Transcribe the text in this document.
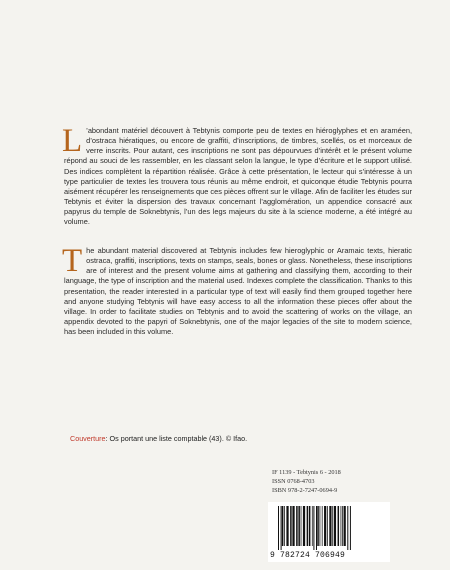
L ’abondant matériel découvert à Tebtynis comporte peu de textes en hiéroglyphes et en araméen, d’ostraca hiératiques, ou encore de graffiti, d’inscriptions, de timbres, scellés, os et morceaux de verre inscrits. Pour autant, ces inscriptions ne sont pas dépourvues d’intérêt et le présent volume répond au souci de les rassembler, en les classant selon la langue, le type d’écriture et le support utilisé. Des indices complètent la répartition réalisée. Grâce à cette présentation, le lecteur qui s’intéresse à un type particulier de textes les trouvera tous réunis au même endroit, et quiconque étudie Tebtynis pourra aisément récupérer les renseignements que ces pièces offrent sur le village. Afin de faciliter les études sur Tebtynis et éviter la dispersion des travaux concernant l’agglomération, un appendice consacré aux papyrus du temple de Soknebtynis, l’un des legs majeurs du site à la science moderne, a été intégré au volume.

The abundant material discovered at Tebtynis includes few hieroglyphic or Aramaic texts, hieratic ostraca, graffiti, inscriptions, texts on stamps, seals, bones or glass. Nonetheless, these inscriptions are of interest and the present volume aims at gathering and classifying them, according to their language, the type of inscription and the material used. Indexes complete the classification. Thanks to this presentation, the reader interested in a particular type of text will easily find them grouped together here and anyone studying Tebtynis will have easy access to all the information these pieces offer about the village. In order to facilitate studies on Tebtynis and to avoid the scattering of works on the village, an appendix devoted to the papyri of Soknebtynis, one of the major legacies of the site to modern science, has been included in this volume.

Couverture: Os portant une liste comptable (43). © Ifao.
IF 1139 - Tebtynis 6 - 2018
ISSN 0768-4703
ISBN 978-2-7247-0694-9
9 782724 706949
